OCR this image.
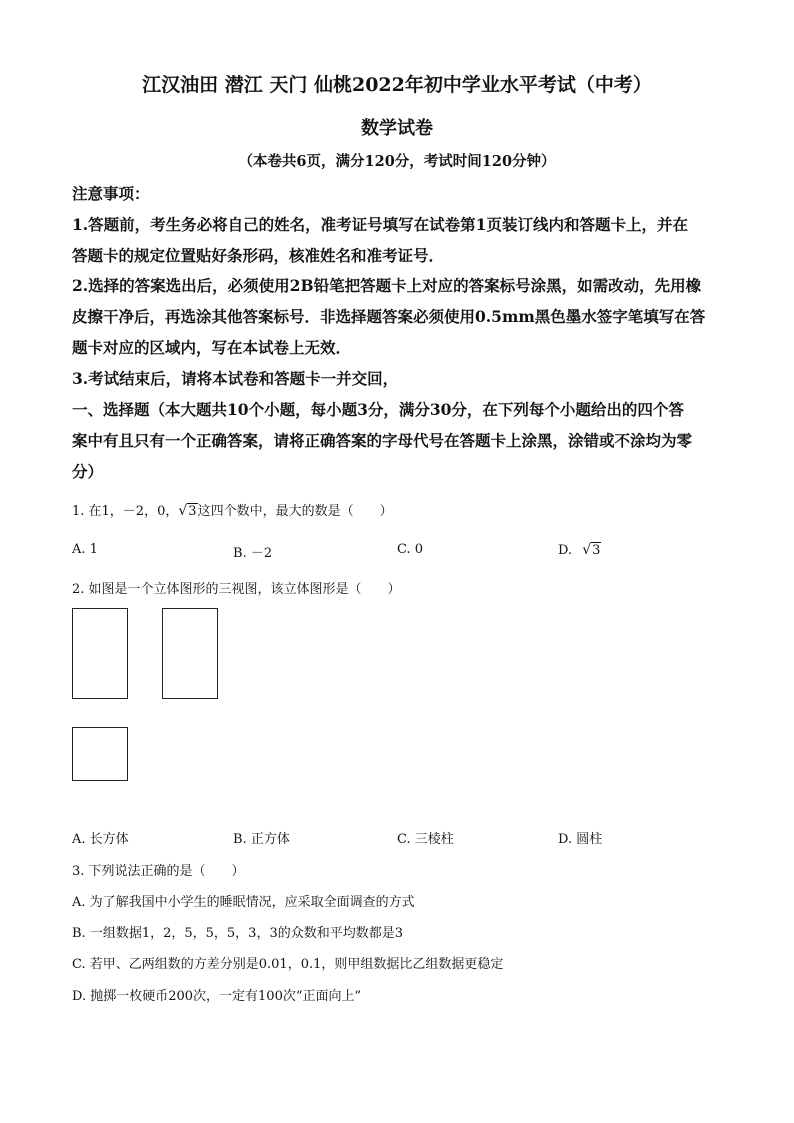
江汉油田 潜江 天门 仙桃2022年初中学业水平考试（中考）
数学试卷
（本卷共6页，满分120分，考试时间120分钟）
注意事项：
1.答题前，考生务必将自己的姓名，准考证号填写在试卷第1页装订线内和答题卡上，并在
答题卡的规定位置贴好条形码，核准姓名和准考证号．
2.选择的答案选出后，必须使用2B铅笔把答题卡上对应的答案标号涂黑，如需改动，先用橡
皮擦干净后，再选涂其他答案标号．非选择题答案必须使用0.5mm黑色墨水签字笔填写在答
题卡对应的区域内，写在本试卷上无效．
3.考试结束后，请将本试卷和答题卡一并交回，
一、选择题（本大题共10个小题，每小题3分，满分30分，在下列每个小题给出的四个答
案中有且只有一个正确答案，请将正确答案的字母代号在答题卡上涂黑，涂错或不涂均为零
分）
1. 在1，－2，0，√3这四个数中，最大的数是（　　）
A. 1	B. －2	C. 0	D. √3
2. 如图是一个立体图形的三视图，该立体图形是（　　）
A. 长方体	B. 正方体	C. 三棱柱	D. 圆柱
3. 下列说法正确的是（　　）
A. 为了解我国中小学生的睡眠情况，应采取全面调查的方式
B. 一组数据1，2，5，5，5，3，3的众数和平均数都是3
C. 若甲、乙两组数的方差分别是0.01，0.1，则甲组数据比乙组数据更稳定
D. 抛掷一枚硬币200次，一定有100次“正面向上”
